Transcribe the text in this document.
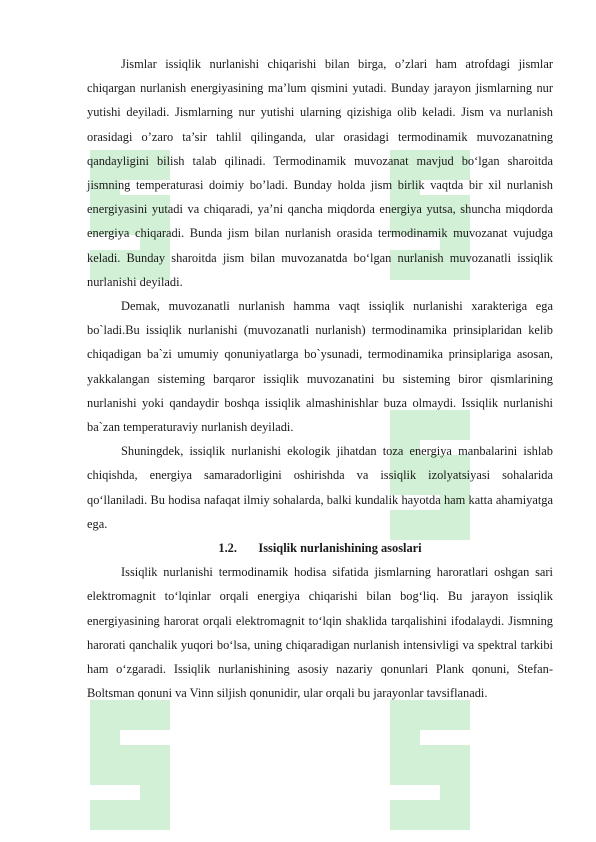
Jismlar issiqlik nurlanishi chiqarishi bilan birga, o’zlari ham atrofdagi jismlar chiqargan nurlanish energiyasining ma’lum qismini yutadi. Bunday jarayon jismlarning nur yutishi deyiladi. Jismlarning nur yutishi ularning qizishiga olib keladi. Jism va nurlanish orasidagi o’zaro ta’sir tahlil qilinganda, ular orasidagi termodinamik muvozanatning qandayligini bilish talab qilinadi. Termodinamik muvozanat mavjud bo‘lgan sharoitda jismning temperaturasi doimiy bo’ladi. Bunday holda jism birlik vaqtda bir xil nurlanish energiyasini yutadi va chiqaradi, ya’ni qancha miqdorda energiya yutsa, shuncha miqdorda energiya chiqaradi. Bunda jism bilan nurlanish orasida termodinamik muvozanat vujudga keladi. Bunday sharoitda jism bilan muvozanatda bo‘lgan nurlanish muvozanatli issiqlik nurlanishi deyiladi.

Demak, muvozanatli nurlanish hamma vaqt issiqlik nurlanishi xarakteriga ega bo`ladi.Bu issiqlik nurlanishi (muvozanatli nurlanish) termodinamika prinsiplaridan kelib chiqadigan ba`zi umumiy qonuniyatlarga bo`ysunadi, termodinamika prinsiplariga asosan, yakkalangan sisteming barqaror issiqlik muvozanatini bu sisteming biror qismlarining nurlanishi yoki qandaydir boshqa issiqlik almashinishlar buza olmaydi. Issiqlik nurlanishi ba`zan temperaturaviy nurlanish deyiladi.

Shuningdek, issiqlik nurlanishi ekologik jihatdan toza energiya manbalarini ishlab chiqishda, energiya samaradorligini oshirishda va issiqlik izolyatsiyasi sohalarida qo‘llaniladi. Bu hodisa nafaqat ilmiy sohalarda, balki kundalik hayotda ham katta ahamiyatga ega.

1.2. Issiqlik nurlanishining asoslari

Issiqlik nurlanishi termodinamik hodisa sifatida jismlarning haroratlari oshgan sari elektromagnit to‘lqinlar orqali energiya chiqarishi bilan bog‘liq. Bu jarayon issiqlik energiyasining harorat orqali elektromagnit to‘lqin shaklida tarqalishini ifodalaydi. Jismning harorati qanchalik yuqori bo‘lsa, uning chiqaradigan nurlanish intensivligi va spektral tarkibi ham o‘zgaradi. Issiqlik nurlanishining asosiy nazariy qonunlari Plank qonuni, Stefan-Boltsman qonuni va Vinn siljish qonunidir, ular orqali bu jarayonlar tavsiflanadi.
